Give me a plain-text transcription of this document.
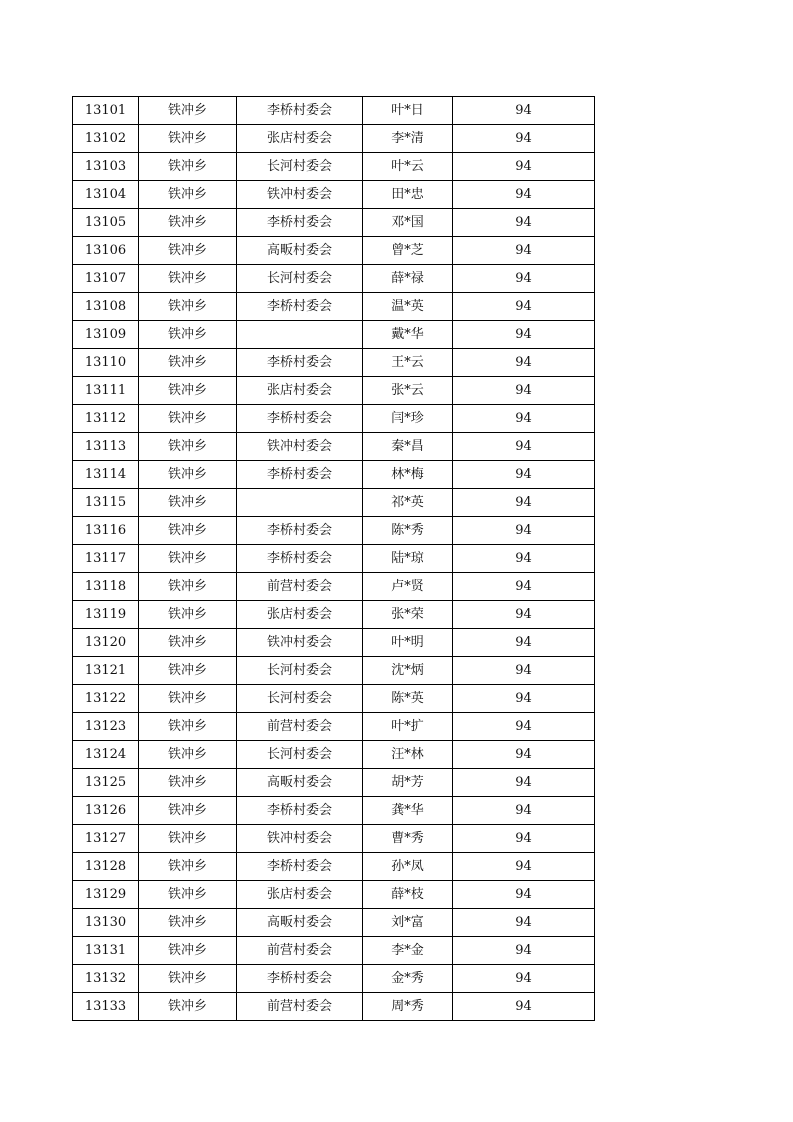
13101	铁冲乡	李桥村委会	叶*日	94
13102	铁冲乡	张店村委会	李*清	94
13103	铁冲乡	长河村委会	叶*云	94
13104	铁冲乡	铁冲村委会	田*忠	94
13105	铁冲乡	李桥村委会	邓*国	94
13106	铁冲乡	高畈村委会	曾*芝	94
13107	铁冲乡	长河村委会	薛*禄	94
13108	铁冲乡	李桥村委会	温*英	94
13109	铁冲乡		戴*华	94
13110	铁冲乡	李桥村委会	王*云	94
13111	铁冲乡	张店村委会	张*云	94
13112	铁冲乡	李桥村委会	闫*珍	94
13113	铁冲乡	铁冲村委会	秦*昌	94
13114	铁冲乡	李桥村委会	林*梅	94
13115	铁冲乡		祁*英	94
13116	铁冲乡	李桥村委会	陈*秀	94
13117	铁冲乡	李桥村委会	陆*琼	94
13118	铁冲乡	前营村委会	卢*贤	94
13119	铁冲乡	张店村委会	张*荣	94
13120	铁冲乡	铁冲村委会	叶*明	94
13121	铁冲乡	长河村委会	沈*炳	94
13122	铁冲乡	长河村委会	陈*英	94
13123	铁冲乡	前营村委会	叶*扩	94
13124	铁冲乡	长河村委会	汪*林	94
13125	铁冲乡	高畈村委会	胡*芳	94
13126	铁冲乡	李桥村委会	龚*华	94
13127	铁冲乡	铁冲村委会	曹*秀	94
13128	铁冲乡	李桥村委会	孙*凤	94
13129	铁冲乡	张店村委会	薛*枝	94
13130	铁冲乡	高畈村委会	刘*富	94
13131	铁冲乡	前营村委会	李*金	94
13132	铁冲乡	李桥村委会	金*秀	94
13133	铁冲乡	前营村委会	周*秀	94
